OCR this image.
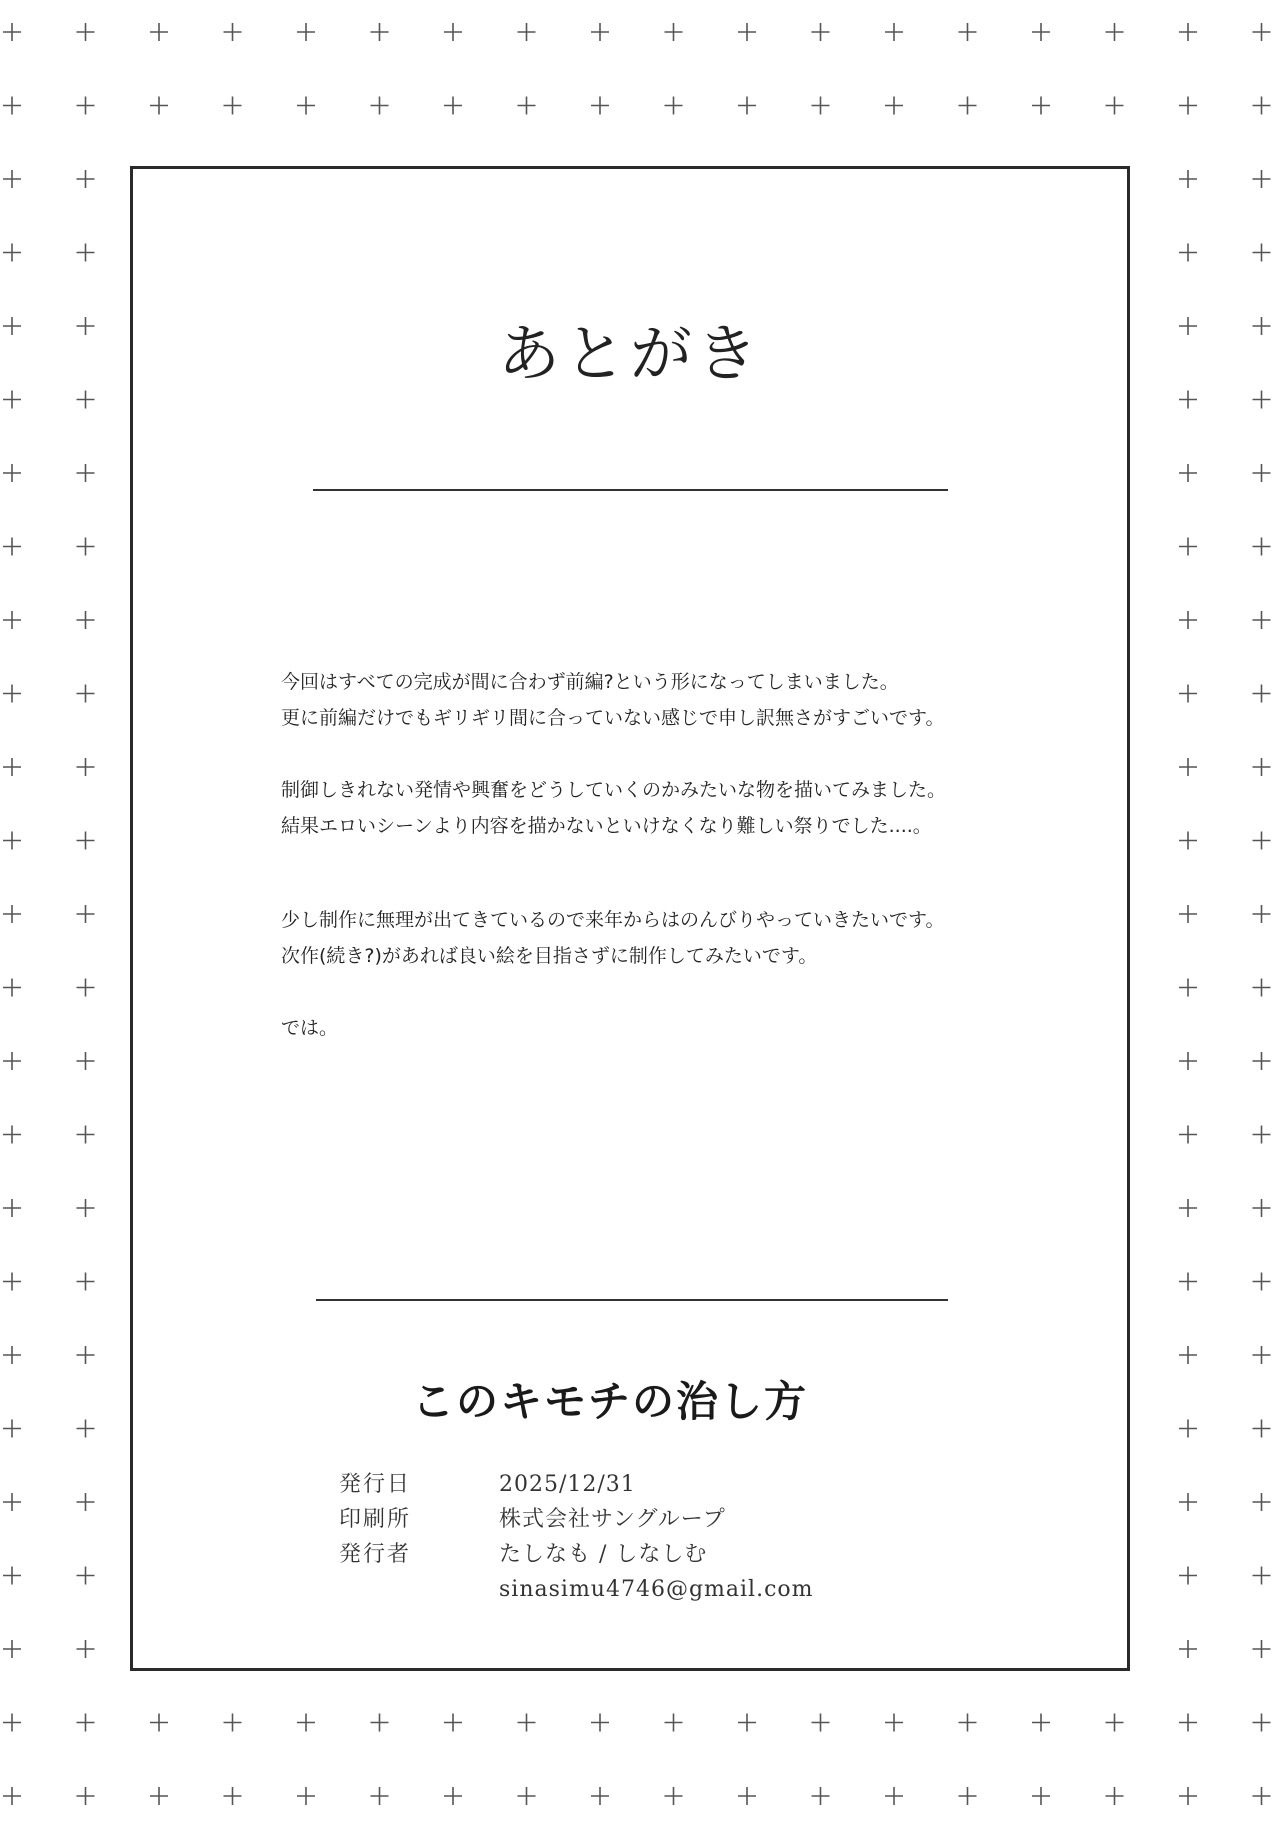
あとがき

今回はすべての完成が間に合わず前編?という形になってしまいました。
更に前編だけでもギリギリ間に合っていない感じで申し訳無さがすごいです。

制御しきれない発情や興奮をどうしていくのかみたいな物を描いてみました。
結果エロいシーンより内容を描かないといけなくなり難しい祭りでした....。

少し制作に無理が出てきているので来年からはのんびりやっていきたいです。
次作(続き?)があれば良い絵を目指さずに制作してみたいです。

では。

このキモチの治し方
発行日	2025/12/31
印刷所	株式会社サングループ
発行者	たしなも / しなしむ
sinasimu4746@gmail.com
